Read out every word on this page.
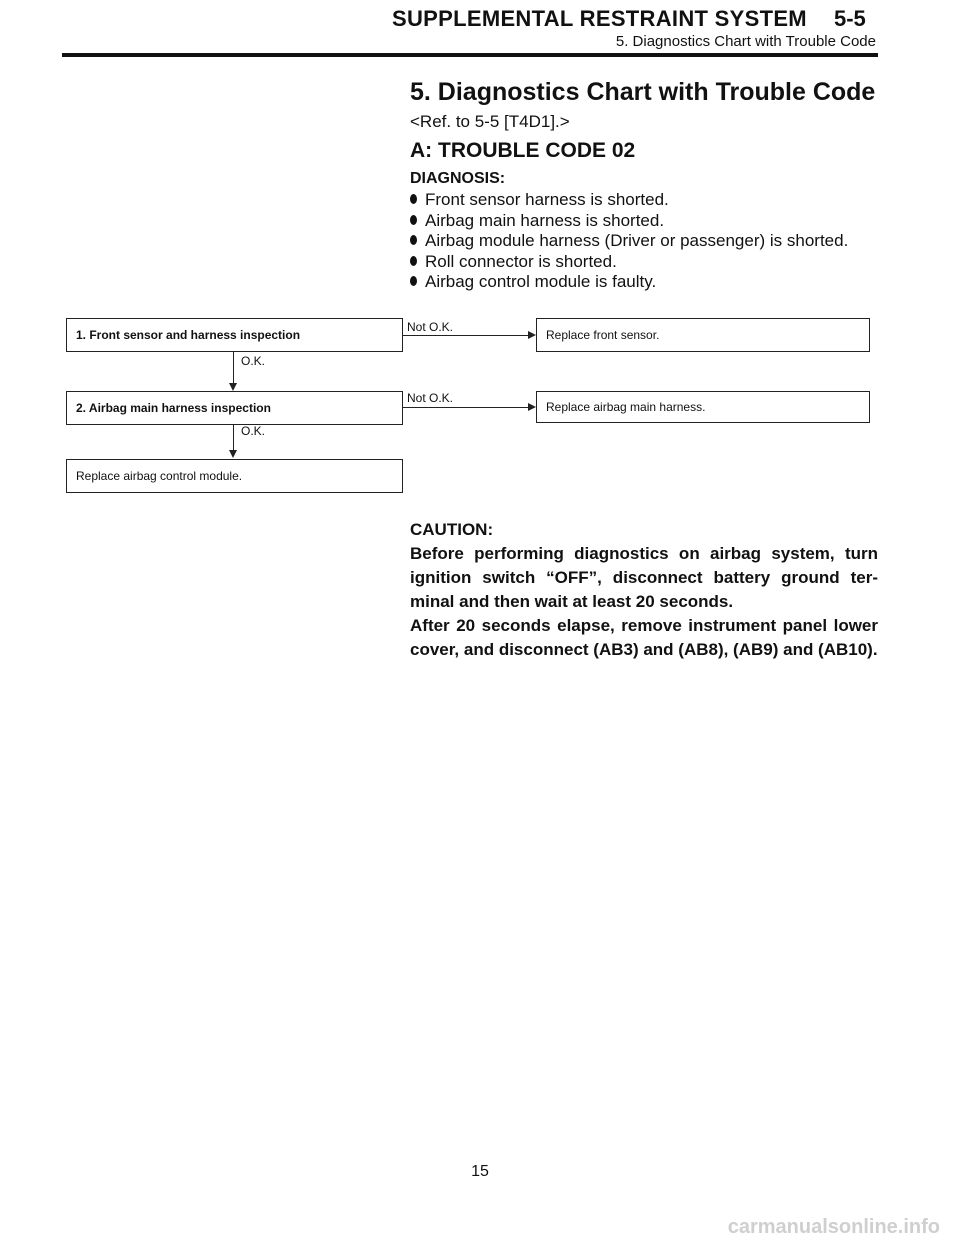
SUPPLEMENTAL RESTRAINT SYSTEM 5-5
5. Diagnostics Chart with Trouble Code
5. Diagnostics Chart with Trouble Code
<Ref. to 5-5 [T4D1].>
A: TROUBLE CODE 02
DIAGNOSIS:
Front sensor harness is shorted.
Airbag main harness is shorted.
Airbag module harness (Driver or passenger) is shorted.
Roll connector is shorted.
Airbag control module is faulty.
1. Front sensor and harness inspection
Not O.K.
Replace front sensor.
O.K.
2. Airbag main harness inspection
Not O.K.
Replace airbag main harness.
O.K.
Replace airbag control module.

CAUTION:

Before performing diagnostics on airbag system, turn ignition switch “OFF”, disconnect battery ground ter-minal and then wait at least 20 seconds.

After 20 seconds elapse, remove instrument panel lower cover, and disconnect (AB3) and (AB8), (AB9) and (AB10).

15
carmanualsonline.info
